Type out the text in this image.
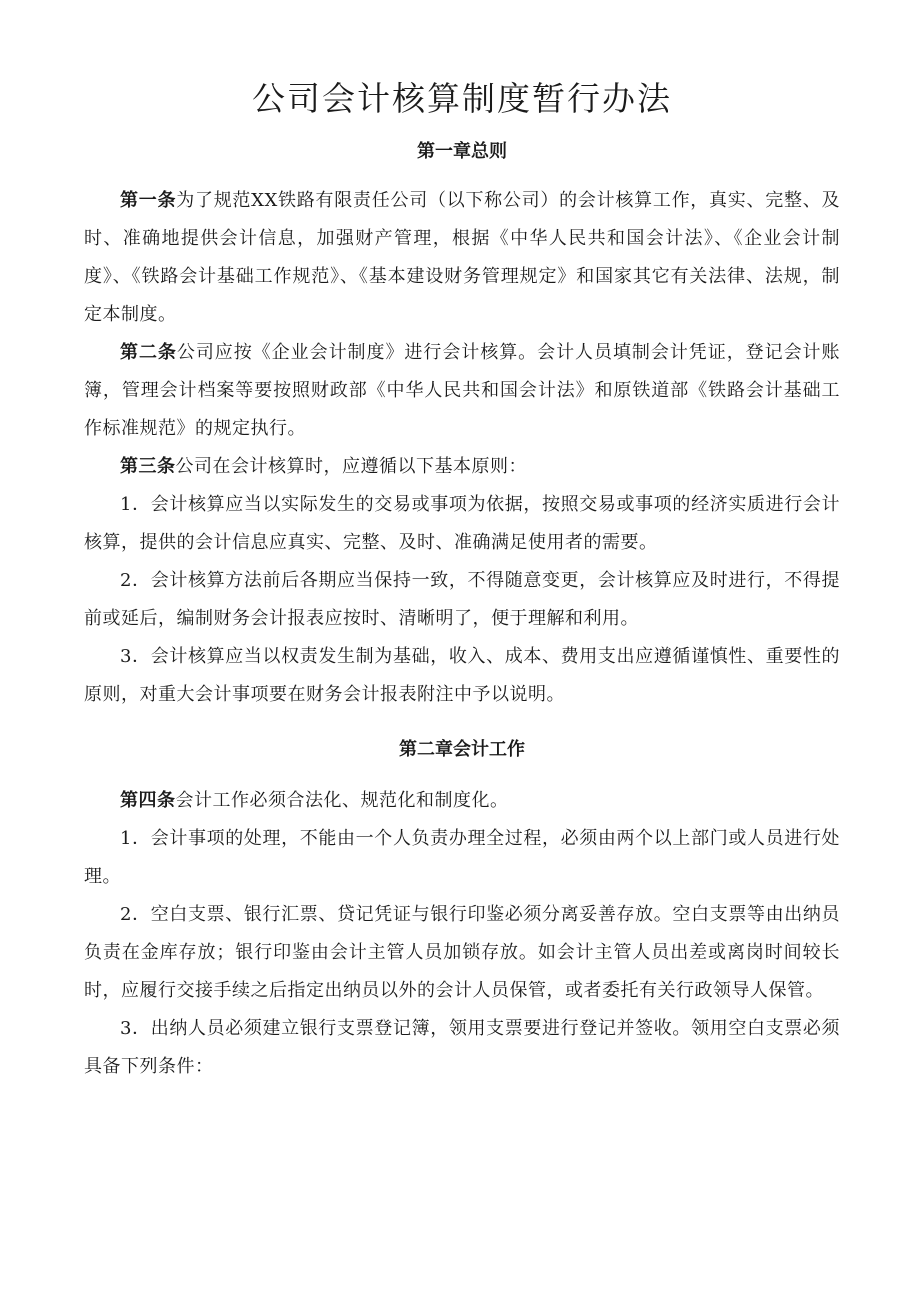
公司会计核算制度暂行办法
第一章总则

第一条为了规范XX铁路有限责任公司（以下称公司）的会计核算工作，真实、完整、及时、准确地提供会计信息，加强财产管理，根据《中华人民共和国会计法》、《企业会计制度》、《铁路会计基础工作规范》、《基本建设财务管理规定》和国家其它有关法律、法规，制定本制度。

第二条公司应按《企业会计制度》进行会计核算。会计人员填制会计凭证，登记会计账簿，管理会计档案等要按照财政部《中华人民共和国会计法》和原铁道部《铁路会计基础工作标准规范》的规定执行。

第三条公司在会计核算时，应遵循以下基本原则：

1．会计核算应当以实际发生的交易或事项为依据，按照交易或事项的经济实质进行会计核算，提供的会计信息应真实、完整、及时、准确满足使用者的需要。

2．会计核算方法前后各期应当保持一致，不得随意变更，会计核算应及时进行，不得提前或延后，编制财务会计报表应按时、清晰明了，便于理解和利用。

3．会计核算应当以权责发生制为基础，收入、成本、费用支出应遵循谨慎性、重要性的原则，对重大会计事项要在财务会计报表附注中予以说明。

第二章会计工作

第四条会计工作必须合法化、规范化和制度化。

1．会计事项的处理，不能由一个人负责办理全过程，必须由两个以上部门或人员进行处理。

2．空白支票、银行汇票、贷记凭证与银行印鉴必须分离妥善存放。空白支票等由出纳员负责在金库存放；银行印鉴由会计主管人员加锁存放。如会计主管人员出差或离岗时间较长时，应履行交接手续之后指定出纳员以外的会计人员保管，或者委托有关行政领导人保管。

3．出纳人员必须建立银行支票登记簿，领用支票要进行登记并签收。领用空白支票必须具备下列条件：
